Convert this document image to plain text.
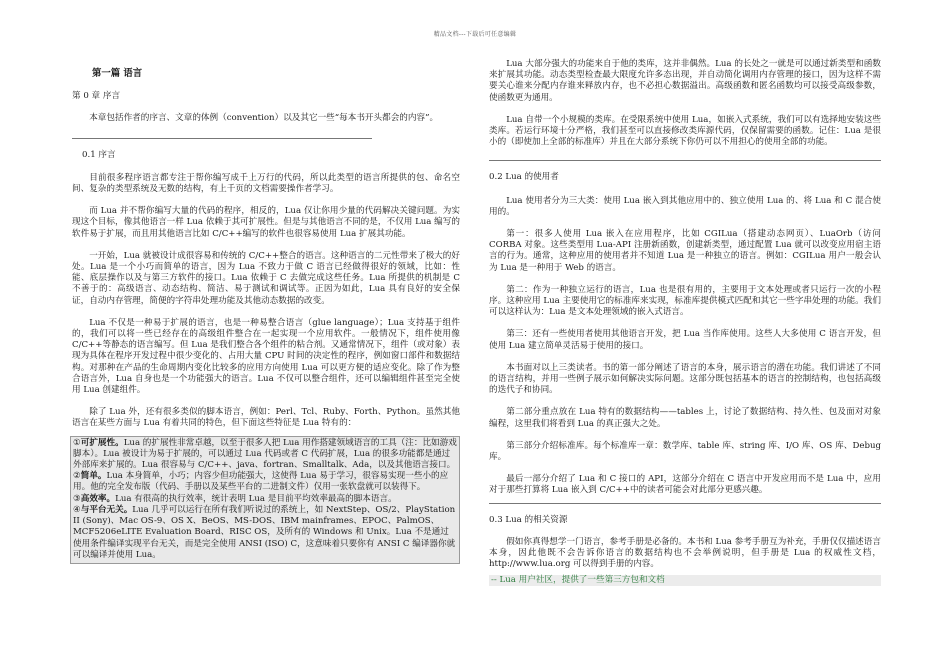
精品文档---下载后可任意编辑

第一篇 语言

第 0 章 序言

本章包括作者的序言、文章的体例（convention）以及其它一些“每本书开头都会的内容”。

0.1 序言

目前很多程序语言都专注于帮你编写成千上万行的代码，所以此类型的语言所提供的包、命名空间、复杂的类型系统及无数的结构，有上千页的文档需要操作者学习。

而 Lua 并不帮你编写大量的代码的程序，相反的，Lua 仅让你用少量的代码解决关键问题。为实现这个目标，像其他语言一样 Lua 依赖于其可扩展性。但是与其他语言不同的是，不仅用 Lua 编写的软件易于扩展，而且用其他语言比如 C/C++编写的软件也很容易使用 Lua 扩展其功能。

一开始，Lua 就被设计成很容易和传统的 C/C++整合的语言。这种语言的二元性带来了极大的好处。Lua 是一个小巧而简单的语言，因为 Lua 不致力于做 C 语言已经做得很好的领域，比如：性能、底层操作以及与第三方软件的接口。Lua 依赖于 C 去做完成这些任务。Lua 所提供的机制是 C 不善于的：高级语言、动态结构、简洁、易于测试和调试等。正因为如此，Lua 具有良好的安全保证，自动内存管理，简便的字符串处理功能及其他动态数据的改变。

Lua 不仅是一种易于扩展的语言，也是一种易整合语言（glue language）；Lua 支持基于组件的，我们可以将一些已经存在的高级组件整合在一起实现一个应用软件。一般情况下，组件使用像 C/C++等静态的语言编写。但 Lua 是我们整合各个组件的粘合剂。又通常情况下，组件（或对象）表现为具体在程序开发过程中很少变化的、占用大量 CPU 时间的决定性的程序，例如窗口部件和数据结构。对那种在产品的生命周期内变化比较多的应用方向使用 Lua 可以更方便的适应变化。除了作为整合语言外，Lua 自身也是一个功能强大的语言。Lua 不仅可以整合组件，还可以编辑组件甚至完全使用 Lua 创建组件。

除了 Lua 外，还有很多类似的脚本语言，例如：Perl、Tcl、Ruby、Forth、Python。虽然其他语言在某些方面与 Lua 有着共同的特色，但下面这些特征是 Lua 特有的：

①可扩展性。Lua 的扩展性非常卓越，以至于很多人把 Lua 用作搭建领域语言的工具（注：比如游戏脚本）。Lua 被设计为易于扩展的，可以通过 Lua 代码或者 C 代码扩展，Lua 的很多功能都是通过外部库来扩展的。Lua 很容易与 C/C++、java、fortran、Smalltalk、Ada，以及其他语言接口。

②简单。Lua 本身简单，小巧；内容少但功能强大，这使得 Lua 易于学习，很容易实现一些小的应用。他的完全发布版（代码、手册以及某些平台的二进制文件）仅用一张软盘就可以装得下。

③高效率。Lua 有很高的执行效率，统计表明 Lua 是目前平均效率最高的脚本语言。

④与平台无关。Lua 几乎可以运行在所有我们听说过的系统上，如 NextStep、OS/2、PlayStation II (Sony)、Mac OS-9、OS X、BeOS、MS-DOS、IBM mainframes、EPOC、PalmOS、MCF5206eLITE Evaluation Board、RISC OS，及所有的 Windows 和 Unix。Lua 不是通过使用条件编译实现平台无关，而是完全使用 ANSI (ISO) C，这意味着只要你有 ANSI C 编译器你就可以编译并使用 Lua。

Lua 大部分强大的功能来自于他的类库，这并非偶然。Lua 的长处之一就是可以通过新类型和函数来扩展其功能。动态类型检查最大限度允许多态出现，并自动简化调用内存管理的接口，因为这样不需要关心谁来分配内存谁来释放内存，也不必担心数据溢出。高级函数和匿名函数均可以接受高级参数，使函数更为通用。

Lua 自带一个小规模的类库。在受限系统中使用 Lua，如嵌入式系统，我们可以有选择地安装这些类库。若运行环境十分严格，我们甚至可以直接修改类库源代码，仅保留需要的函数。记住：Lua 是很小的（即使加上全部的标准库）并且在大部分系统下你仍可以不用担心的使用全部的功能。

0.2 Lua 的使用者

Lua 使用者分为三大类：使用 Lua 嵌入到其他应用中的、独立使用 Lua 的、将 Lua 和 C 混合使用的。

第一：很多人使用 Lua 嵌入在应用程序，比如 CGILua（搭建动态网页）、LuaOrb（访问 CORBA 对象。这些类型用 Lua-API 注册新函数，创建新类型，通过配置 Lua 就可以改变应用宿主语言的行为。通常，这种应用的使用者并不知道 Lua 是一种独立的语言。例如：CGILua 用户一般会认为 Lua 是一种用于 Web 的语言。

第二：作为一种独立运行的语言，Lua 也是很有用的，主要用于文本处理或者只运行一次的小程序。这种应用 Lua 主要使用它的标准库来实现，标准库提供模式匹配和其它一些字串处理的功能。我们可以这样认为：Lua 是文本处理领域的嵌入式语言。

第三：还有一些使用者使用其他语言开发，把 Lua 当作库使用。这些人大多使用 C 语言开发，但使用 Lua 建立简单灵活易于使用的接口。

本书面对以上三类读者。书的第一部分阐述了语言的本身，展示语言的潜在功能。我们讲述了不同的语言结构，并用一些例子展示如何解决实际问题。这部分既包括基本的语言的控制结构，也包括高级的迭代子和协同。

第二部分重点放在 Lua 特有的数据结构——tables 上，讨论了数据结构、持久性、包及面对对象编程，这里我们将看到 Lua 的真正强大之处。

第三部分介绍标准库。每个标准库一章：数学库、table 库、string 库、I/O 库、OS 库、Debug 库。

最后一部分介绍了 Lua 和 C 接口的 API，这部分介绍在 C 语言中开发应用而不是 Lua 中，应用对于那些打算将 Lua 嵌入到 C/C++中的读者可能会对此部分更感兴趣。

0.3 Lua 的相关资源

假如你真得想学一门语言，参考手册是必备的。本书和 Lua 参考手册互为补充，手册仅仅描述语言本身，因此他既不会告诉你语言的数据结构也不会举例说明，但手册是 Lua 的权威性文档，http://www.lua.org 可以得到手册的内容。

-- Lua 用户社区，提供了一些第三方包和文档
